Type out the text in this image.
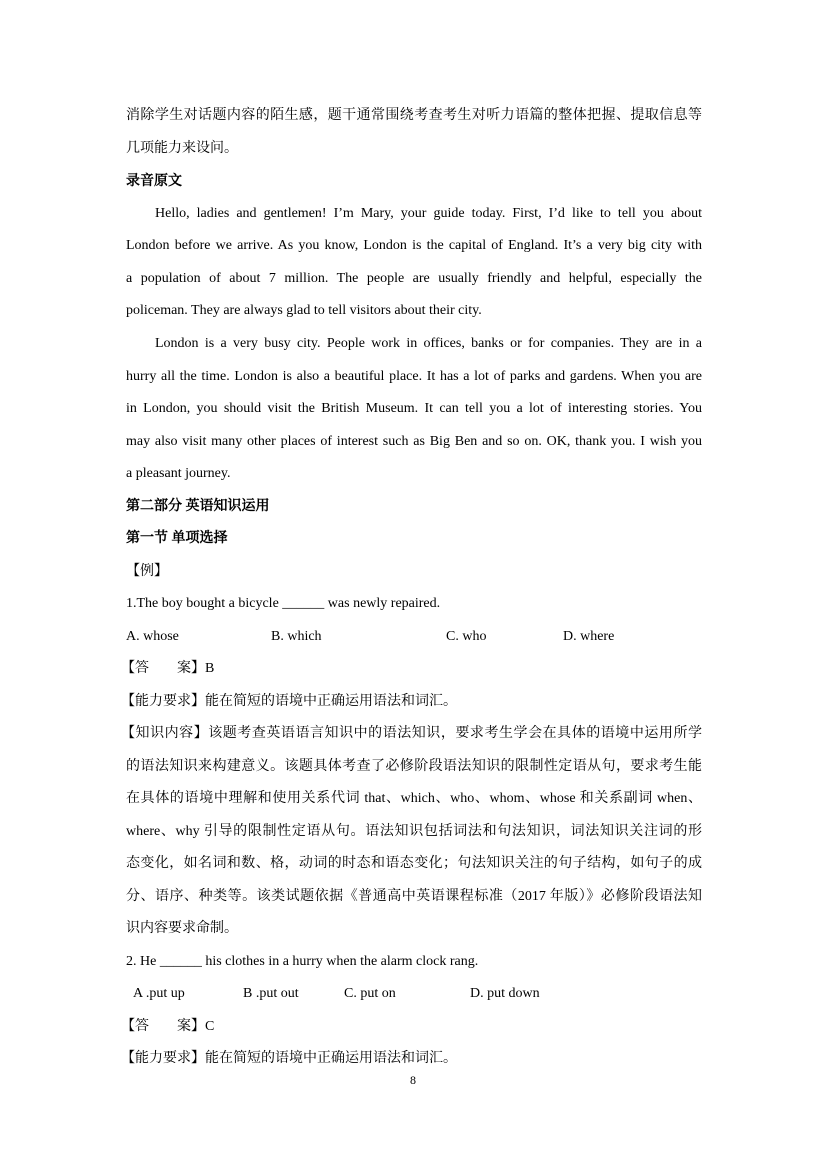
消除学生对话题内容的陌生感，题干通常围绕考查考生对听力语篇的整体把握、提取信息等
几项能力来设问。
录音原文
Hello, ladies and gentlemen! I’m Mary, your guide today. First, I’d like to tell you about
London before we arrive. As you know, London is the capital of England. It’s a very big city with
a population of about 7 million. The people are usually friendly and helpful, especially the
policeman. They are always glad to tell visitors about their city.
London is a very busy city. People work in offices, banks or for companies. They are in a
hurry all the time. London is also a beautiful place. It has a lot of parks and gardens. When you are
in London, you should visit the British Museum. It can tell you a lot of interesting stories. You
may also visit many other places of interest such as Big Ben and so on. OK, thank you. I wish you
a pleasant journey.
第二部分 英语知识运用
第一节 单项选择
【例】
1.The boy bought a bicycle ______ was newly repaired.
A. whose	B. which	C. who	D. where
【答　　案】B
【能力要求】能在简短的语境中正确运用语法和词汇。
【知识内容】该题考查英语语言知识中的语法知识，要求考生学会在具体的语境中运用所学
的语法知识来构建意义。该题具体考查了必修阶段语法知识的限制性定语从句，要求考生能
在具体的语境中理解和使用关系代词 that、which、who、whom、whose 和关系副词 when、
where、why 引导的限制性定语从句。语法知识包括词法和句法知识，词法知识关注词的形
态变化，如名词和数、格，动词的时态和语态变化；句法知识关注的句子结构，如句子的成
分、语序、种类等。该类试题依据《普通高中英语课程标准（2017 年版）》必修阶段语法知
识内容要求命制。
2. He ______ his clothes in a hurry when the alarm clock rang.
A .put up	B .put out	C. put on	D. put down
【答　　案】C
【能力要求】能在简短的语境中正确运用语法和词汇。
8
